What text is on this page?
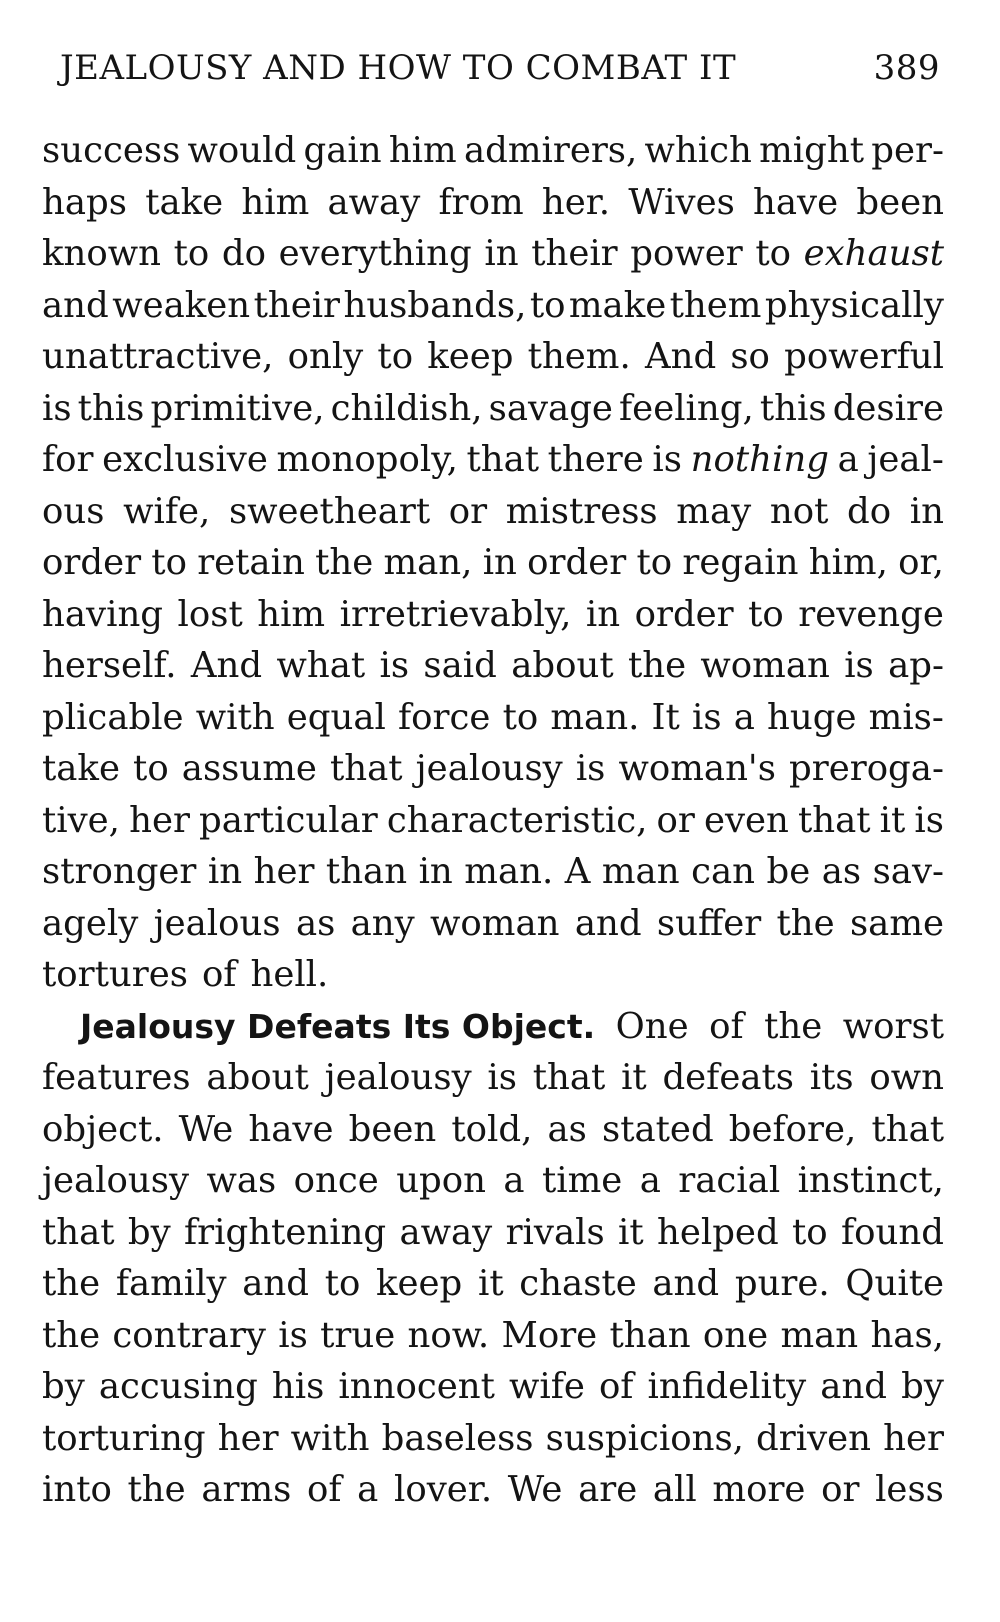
JEALOUSY AND HOW TO COMBAT IT	389
success would gain him admirers, which might per-
haps take him away from her. Wives have been
known to do everything in their power to exhaust
and weaken their husbands, to make them physically
unattractive, only to keep them. And so powerful
is this primitive, childish, savage feeling, this desire
for exclusive monopoly, that there is nothing a jeal-
ous wife, sweetheart or mistress may not do in
order to retain the man, in order to regain him, or,
having lost him irretrievably, in order to revenge
herself. And what is said about the woman is ap-
plicable with equal force to man. It is a huge mis-
take to assume that jealousy is woman's preroga-
tive, her particular characteristic, or even that it is
stronger in her than in man. A man can be as sav-
agely jealous as any woman and suffer the same
tortures of hell.
Jealousy Defeats Its Object. One of the worst
features about jealousy is that it defeats its own
object. We have been told, as stated before, that
jealousy was once upon a time a racial instinct,
that by frightening away rivals it helped to found
the family and to keep it chaste and pure. Quite
the contrary is true now. More than one man has,
by accusing his innocent wife of infidelity and by
torturing her with baseless suspicions, driven her
into the arms of a lover. We are all more or less
